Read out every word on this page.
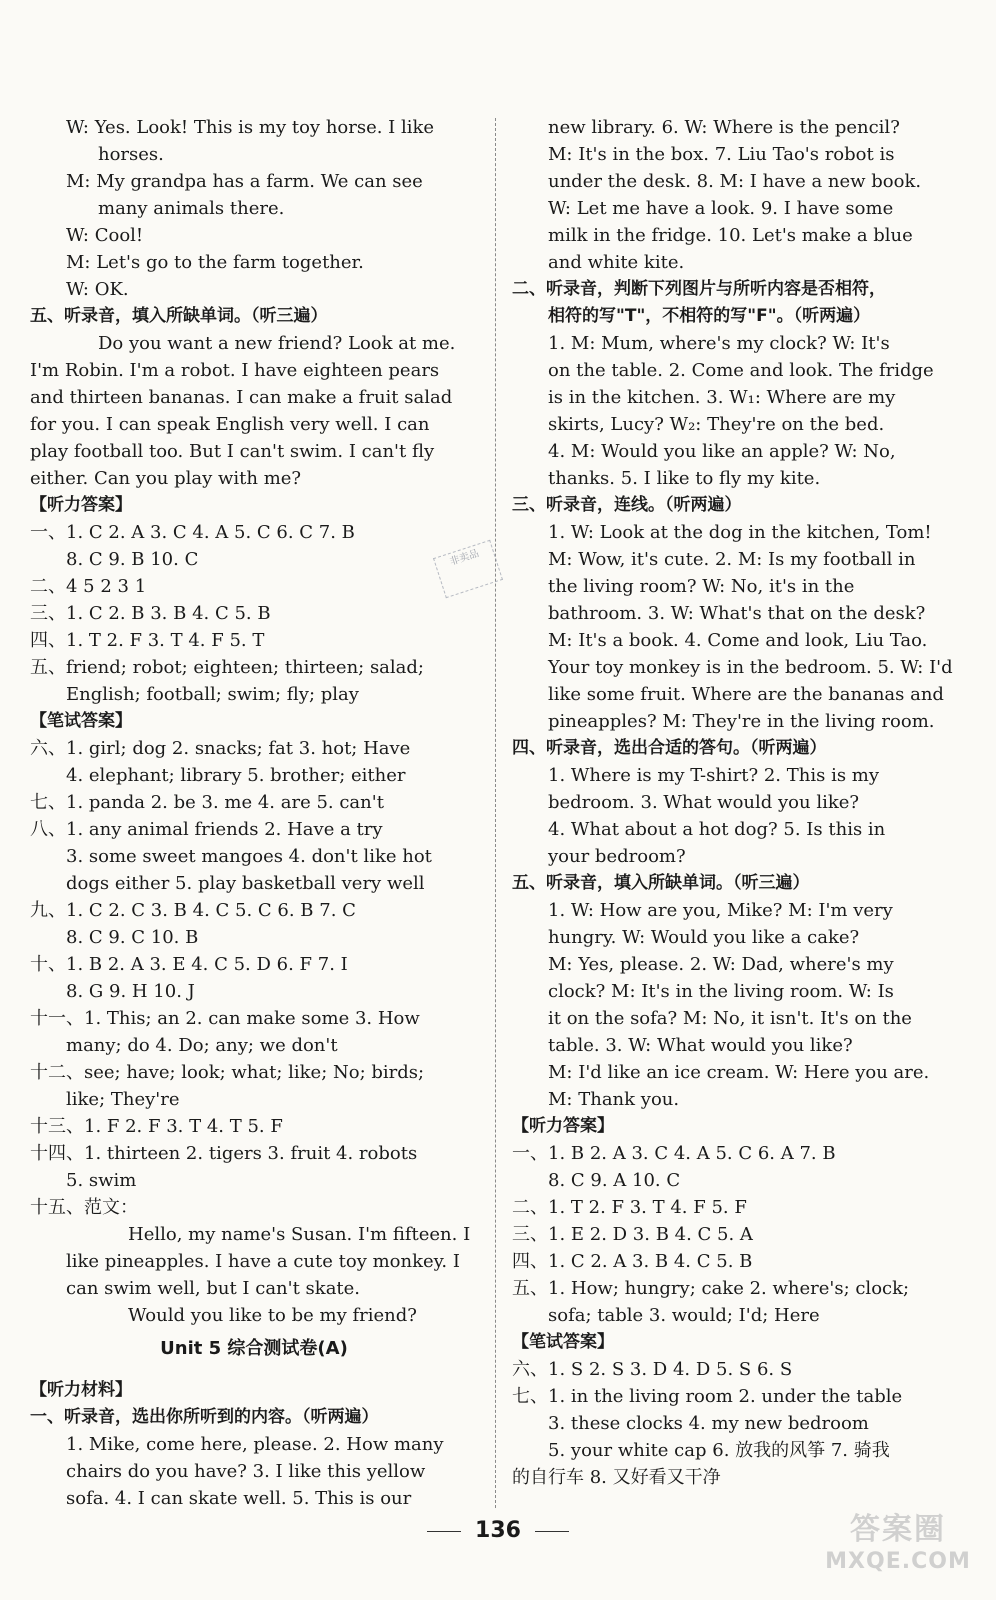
W: Yes. Look! This is my toy horse. I like
horses.
M: My grandpa has a farm. We can see
many animals there.
W: Cool!
M: Let's go to the farm together.
W: OK.
五、听录音，填入所缺单词。（听三遍）
Do you want a new friend? Look at me.
I'm Robin. I'm a robot. I have eighteen pears
and thirteen bananas. I can make a fruit salad
for you. I can speak English very well. I can
play football too. But I can't swim. I can't fly
either. Can you play with me?
【听力答案】
一、1. C 2. A 3. C 4. A 5. C 6. C 7. B
8. C 9. B 10. C
二、4 5 2 3 1
三、1. C 2. B 3. B 4. C 5. B
四、1. T 2. F 3. T 4. F 5. T
五、friend; robot; eighteen; thirteen; salad;
English; football; swim; fly; play
【笔试答案】
六、1. girl; dog 2. snacks; fat 3. hot; Have
4. elephant; library 5. brother; either
七、1. panda 2. be 3. me 4. are 5. can't
八、1. any animal friends 2. Have a try
3. some sweet mangoes 4. don't like hot
dogs either 5. play basketball very well
九、1. C 2. C 3. B 4. C 5. C 6. B 7. C
8. C 9. C 10. B
十、1. B 2. A 3. E 4. C 5. D 6. F 7. I
8. G 9. H 10. J
十一、1. This; an 2. can make some 3. How
many; do 4. Do; any; we don't
十二、see; have; look; what; like; No; birds;
like; They're
十三、1. F 2. F 3. T 4. T 5. F
十四、1. thirteen 2. tigers 3. fruit 4. robots
5. swim
十五、范文：
Hello, my name's Susan. I'm fifteen. I
like pineapples. I have a cute toy monkey. I
can swim well, but I can't skate.
Would you like to be my friend?
Unit 5 综合测试卷(A)
【听力材料】
一、听录音，选出你所听到的内容。（听两遍）
1. Mike, come here, please. 2. How many
chairs do you have? 3. I like this yellow
sofa. 4. I can skate well. 5. This is our
new library. 6. W: Where is the pencil?
M: It's in the box. 7. Liu Tao's robot is
under the desk. 8. M: I have a new book.
W: Let me have a look. 9. I have some
milk in the fridge. 10. Let's make a blue
and white kite.
二、听录音，判断下列图片与所听内容是否相符，
相符的写"T"，不相符的写"F"。（听两遍）
1. M: Mum, where's my clock? W: It's
on the table. 2. Come and look. The fridge
is in the kitchen. 3. W₁: Where are my
skirts, Lucy? W₂: They're on the bed.
4. M: Would you like an apple? W: No,
thanks. 5. I like to fly my kite.
三、听录音，连线。（听两遍）
1. W: Look at the dog in the kitchen, Tom!
M: Wow, it's cute. 2. M: Is my football in
the living room? W: No, it's in the
bathroom. 3. W: What's that on the desk?
M: It's a book. 4. Come and look, Liu Tao.
Your toy monkey is in the bedroom. 5. W: I'd
like some fruit. Where are the bananas and
pineapples? M: They're in the living room.
四、听录音，选出合适的答句。（听两遍）
1. Where is my T-shirt? 2. This is my
bedroom. 3. What would you like?
4. What about a hot dog? 5. Is this in
your bedroom?
五、听录音，填入所缺单词。（听三遍）
1. W: How are you, Mike? M: I'm very
hungry. W: Would you like a cake?
M: Yes, please. 2. W: Dad, where's my
clock? M: It's in the living room. W: Is
it on the sofa? M: No, it isn't. It's on the
table. 3. W: What would you like?
M: I'd like an ice cream. W: Here you are.
M: Thank you.
【听力答案】
一、1. B 2. A 3. C 4. A 5. C 6. A 7. B
8. C 9. A 10. C
二、1. T 2. F 3. T 4. F 5. F
三、1. E 2. D 3. B 4. C 5. A
四、1. C 2. A 3. B 4. C 5. B
五、1. How; hungry; cake 2. where's; clock;
sofa; table 3. would; I'd; Here
【笔试答案】
六、1. S 2. S 3. D 4. D 5. S 6. S
七、1. in the living room 2. under the table
3. these clocks 4. my new bedroom
5. your white cap 6. 放我的风筝 7. 骑我
的自行车 8. 又好看又干净
非卖品
136	答案圈
MXQE.COM
